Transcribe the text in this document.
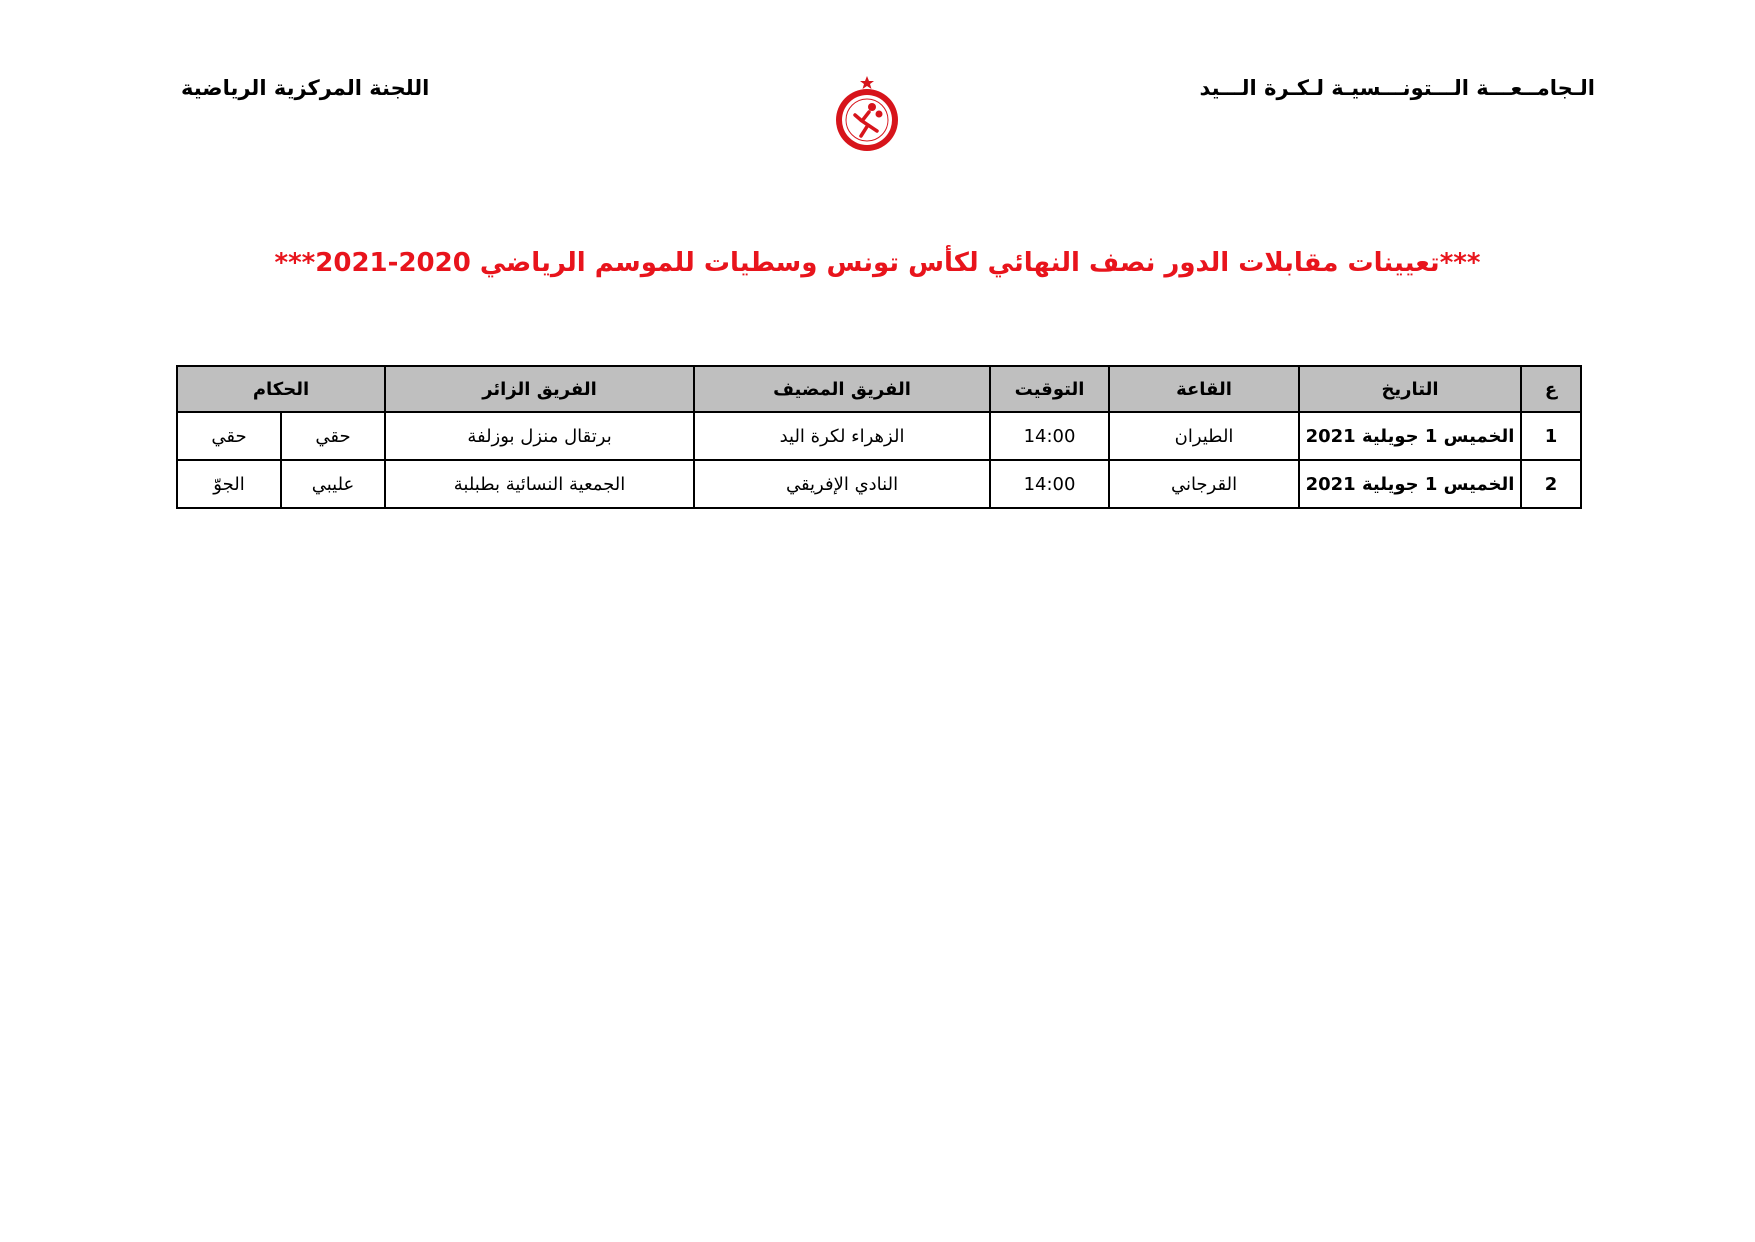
الـجامــعـــة الـــتونـــسيـة لـكـرة الـــيد
اللجنة المركزية الرياضية
***تعيينات مقابلات الدور نصف النهائي لكأس تونس وسطيات للموسم الرياضي 2020-2021***
ع	التاريخ	القاعة	التوقيت	الفريق المضيف	الفريق الزائر	الحكام	
1	الخميس 1 جويلية 2021	الطيران	14:00	الزهراء لكرة اليد	برتقال منزل بوزلفة	حقي	حقي
2	الخميس 1 جويلية 2021	القرجاني	14:00	النادي الإفريقي	الجمعية النسائية بطبلبة	عليبي	الجوّ
